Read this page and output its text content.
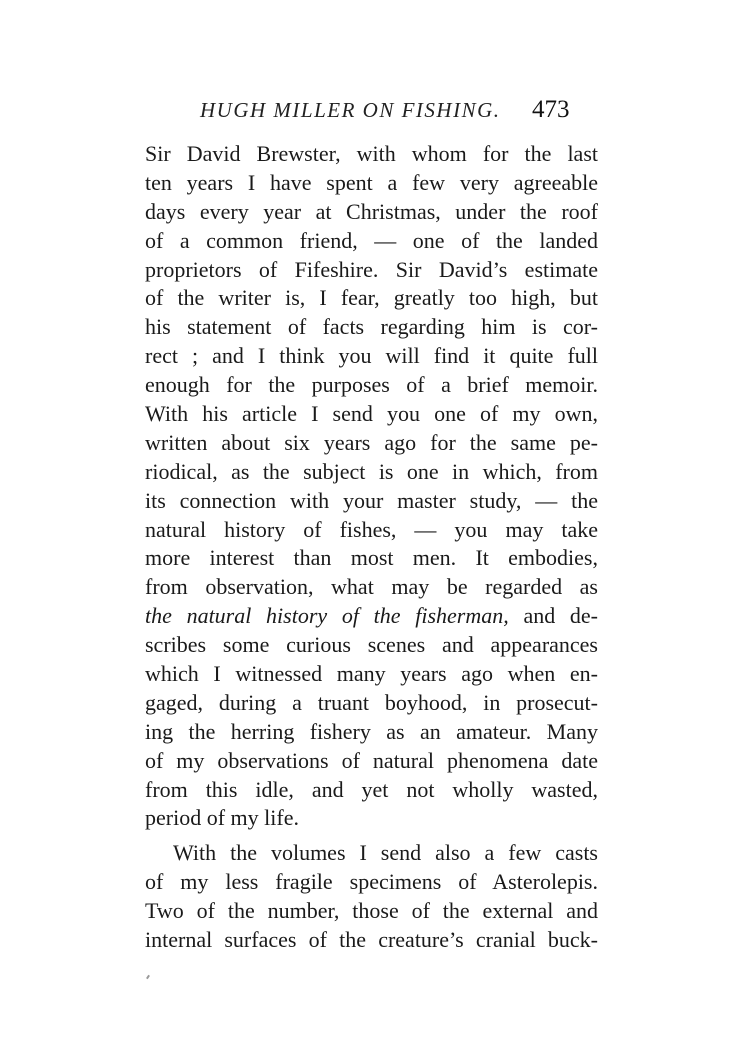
HUGH MILLER ON FISHING. 473
Sir David Brewster, with whom for the last
ten years I have spent a few very agreeable
days every year at Christmas, under the roof
of a common friend, — one of the landed
proprietors of Fifeshire. Sir David’s estimate
of the writer is, I fear, greatly too high, but
his statement of facts regarding him is cor-
rect ; and I think you will find it quite full
enough for the purposes of a brief memoir.
With his article I send you one of my own,
written about six years ago for the same pe-
riodical, as the subject is one in which, from
its connection with your master study, — the
natural history of fishes, — you may take
more interest than most men. It embodies,
from observation, what may be regarded as
the natural history of the fisherman, and de-
scribes some curious scenes and appearances
which I witnessed many years ago when en-
gaged, during a truant boyhood, in prosecut-
ing the herring fishery as an amateur. Many
of my observations of natural phenomena date
from this idle, and yet not wholly wasted,
period of my life.
With the volumes I send also a few casts
of my less fragile specimens of Asterolepis.
Two of the number, those of the external and
internal surfaces of the creature’s cranial buck-
